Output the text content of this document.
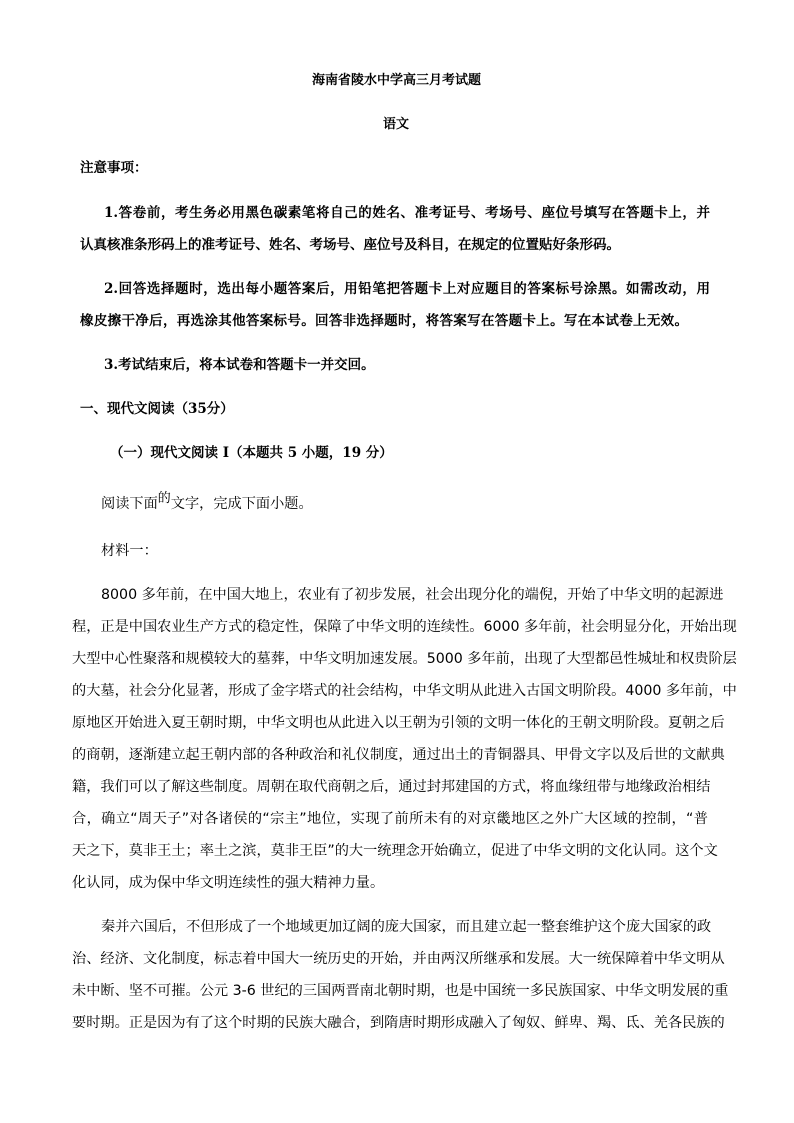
海南省陵水中学高三月考试题
语文
注意事项：
1.答卷前，考生务必用黑色碳素笔将自己的姓名、准考证号、考场号、座位号填写在答题卡上，并
认真核准条形码上的准考证号、姓名、考场号、座位号及科目，在规定的位置贴好条形码。
2.回答选择题时，选出每小题答案后，用铅笔把答题卡上对应题目的答案标号涂黑。如需改动，用
橡皮擦干净后，再选涂其他答案标号。回答非选择题时，将答案写在答题卡上。写在本试卷上无效。
3.考试结束后，将本试卷和答题卡一并交回。
一、现代文阅读（35分）
（一）现代文阅读 I（本题共 5 小题，19 分）
阅读下面的文字，完成下面小题。
材料一：
8000 多年前，在中国大地上，农业有了初步发展，社会出现分化的端倪，开始了中华文明的起源进
程，正是中国农业生产方式的稳定性，保障了中华文明的连续性。6000 多年前，社会明显分化，开始出现
大型中心性聚落和规模较大的墓葬，中华文明加速发展。5000 多年前，出现了大型都邑性城址和权贵阶层
的大墓，社会分化显著，形成了金字塔式的社会结构，中华文明从此进入古国文明阶段。4000 多年前，中
原地区开始进入夏王朝时期，中华文明也从此进入以王朝为引领的文明一体化的王朝文明阶段。夏朝之后
的商朝，逐渐建立起王朝内部的各种政治和礼仪制度，通过出土的青铜器具、甲骨文字以及后世的文献典
籍，我们可以了解这些制度。周朝在取代商朝之后，通过封邦建国的方式，将血缘纽带与地缘政治相结
合，确立“周天子”对各诸侯的“宗主”地位，实现了前所未有的对京畿地区之外广大区域的控制，“普
天之下，莫非王土；率土之滨，莫非王臣”的大一统理念开始确立，促进了中华文明的文化认同。这个文
化认同，成为保中华文明连续性的强大精神力量。
秦并六国后，不但形成了一个地域更加辽阔的庞大国家，而且建立起一整套维护这个庞大国家的政
治、经济、文化制度，标志着中国大一统历史的开始，并由两汉所继承和发展。大一统保障着中华文明从
未中断、坚不可摧。公元 3-6 世纪的三国两晋南北朝时期，也是中国统一多民族国家、中华文明发展的重
要时期。正是因为有了这个时期的民族大融合，到隋唐时期形成融入了匈奴、鲜卑、羯、氐、羌各民族的
